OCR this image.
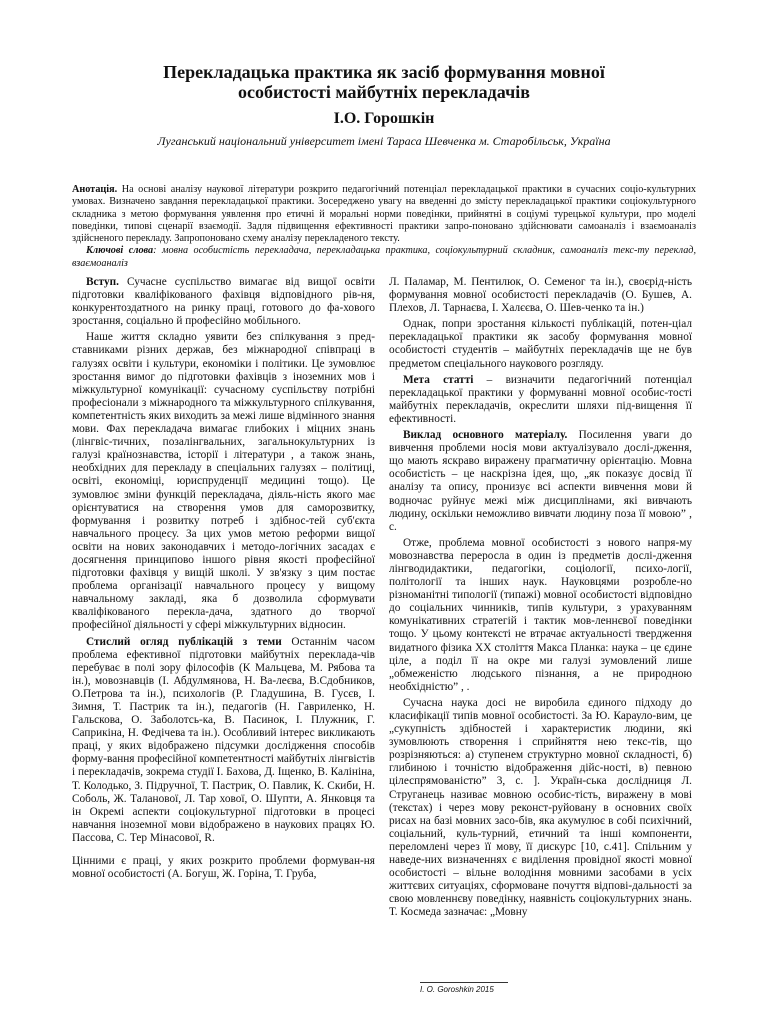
Перекладацька практика як засіб формування мовної особистості майбутніх перекладачів
І.О. Горошкін
Луганський національний університет імені Тараса Шевченка м. Старобільськ, Україна

Анотація. На основі аналізу наукової літератури розкрито педагогічний потенціал перекладацької практики в сучасних соціо-культурних умовах. Визначено завдання перекладацької практики. Зосереджено увагу на введенні до змісту перекладацької практики соціокультурного складника з метою формування уявлення про етичні й моральні норми поведінки, прийнятні в соціумі турецької культури, про моделі поведінки, типові сценарії взаємодії. Задля підвищення ефективності практики запро-поновано здійснювати самоаналіз і взаємоаналіз здійсненого перекладу. Запропоновано схему аналізу перекладеного тексту.

Ключові слова: мовна особистість перекладача, перекладацька практика, соціокультурний складник, самоаналіз текс-ту переклад, взаємоаналіз

Вступ. Сучасне суспільство вимагає від вищої освіти підготовки кваліфікованого фахівця відповідного рів-ня, конкурентоздатного на ринку праці, готового до фа-хового зростання, соціально й професійно мобільного.

Наше життя складно уявити без спілкування з пред-ставниками різних держав, без міжнародної співпраці в галузях освіти і культури, економіки і політики. Це зумовлює зростання вимог до підготовки фахівців з іноземних мов і міжкультурної комунікації: сучасному суспільству потрібні професіонали з міжнародного та міжкультурного спілкування, компетентність яких виходить за межі лише відмінного знання мови. Фах перекладача вимагає глибоких і міцних знань (лінгвіс-тичних, позалінгвальних, загальнокультурних із галузі країнознавства, історії і літератури , а також знань, необхідних для перекладу в спеціальних галузях – політиці, освіті, економіці, юриспруденції медицині тощо). Це зумовлює зміни функцій перекладача, діяль-ність якого має орієнтуватися на створення умов для саморозвитку, формування і розвитку потреб і здібнос-тей суб'єкта навчального процесу. За цих умов метою реформи вищої освіти на нових законодавчих і методо-логічних засадах є досягнення принципово іншого рівня якості професійної підготовки фахівця у вищій школі. У зв'язку з цим постає проблема організації навчального процесу у вищому навчальному закладі, яка б дозволила сформувати кваліфікованого перекла-дача, здатного до творчої професійної діяльності у сфері міжкультурних відносин.

Стислий огляд публікацій з теми Останнім часом проблема ефективної підготовки майбутніх перекладa-чів перебуває в полі зору філософів (К Мальцева, М. Рябова та ін.), мовознавців (І. Абдулмянова, Н. Ва-леєва, В.Сдобников, О.Петрова та ін.), психологів (Р. Гладушина, В. Гусєв, І. Зимня, Т. Пастрик та ін.), педагогів (Н. Гавриленко, Н. Гальскова, О. Заболотсь-ка, В. Пасинок, І. Плужник, Г. Саприкіна, Н. Федічева та ін.). Особливий інтерес викликають праці, у яких відображено підсумки дослідження способів форму-вання професійної компетентності майбутніх лінгвістів і перекладачів, зокрема студії І. Бахова, Д. Іщенко, В. Калініна, Т. Колодько, З. Підручної, Т. Пастрик, О. Павлик, К. Скиби, Н. Соболь, Ж. Таланової, Л. Тар хової, О. Шупти, А. Янковця та ін Окремі аспекти соціокультурної підготовки в процесі навчання іноземної мови відображено в наукових працях Ю. Пассова, С. Тер Мінасової, R.

Цінними є праці, у яких розкрито проблеми формуван-ня мовної особистості (А. Богуш, Ж. Горіна, Т. Груба,

Л. Паламар, М. Пентилюк, О. Семеног та ін.), своєрід-ність формування мовної особистості перекладачів (О. Бушев, А. Плехов, Л. Тарнаєва, І. Халєєва, О. Шев-ченко та ін.)

Однак, попри зростання кількості публікацій, потен-ціал перекладацької практики як засобу формування мовної особистості студентів – майбутніх перекладачів ще не був предметом спеціального наукового розгляду.

Мета статті – визначити педагогічний потенціал перекладацької практики у формуванні мовної особис-тості майбутніх перекладачів, окреслити шляхи під-вищення її ефективності.

Виклад основного матеріалу. Посилення уваги до вивчення проблеми носія мови актуалізувало дослі-дження, що мають яскраво виражену прагматичну орієнтацію. Мовна особистість – це наскрізна ідея, що, „як показує досвід її аналізу та опису, пронизує всі аспекти вивчення мови й водночас руйнує межі між дисциплінами, які вивчають людину, оскільки неможливо вивчати людину поза її мовою” , с.

Отже, проблема мовної особистості з нового напря-му мовознавства переросла в один із предметів дослі-дження лінгводидактики, педагогіки, соціології, психо-логії, політології та інших наук. Науковцями розробле-но різноманітні типології (типажі) мовної особистості відповідно до соціальних чинників, типів культури, з урахуванням комунікативних стратегій і тактик мов-леннєвої поведінки тощо. У цьому контексті не втрачає актуальності твердження видатного фізика ХХ століття Макса Планка: наука – це єдине ціле, а поділ її на окре ми галузі зумовлений лише „обмеженістю людського пізнання, а не природною необхідністю” , .

Сучасна наука досі не виробила єдиного підходу до класифікації типів мовної особистості. За Ю. Караулo-вим, це „сукупність здібностей і характеристик людини, які зумовлюють створення і сприйняття нею текс-тів, що розрізняються: а) ступенем структурно мовної складності, б) глибиною і точністю відображення дійс-ності, в) певною цілеспрямованістю” 3, с. ]. Україн-ська дослідниця Л. Струганець називає мовною особис-тість, виражену в мові (текстах) і через мову реконст-руйовану в основних своїх рисах на базі мовних засо-бів, яка акумулює в собі психічний, соціальний, куль-турний, етичний та інші компоненти, переломлені через її мову, її дискурс [10, с.41]. Спільним у наведе-них визначеннях є виділення провідної якості мовної особистості – вільне володіння мовними засобами в усіх життєвих ситуаціях, сформоване почуття відпові-дальності за свою мовленнєву поведінку, наявність соціокультурних знань. Т. Космеда зазначає: „Мовну

I. O. Goroshkin 2015
